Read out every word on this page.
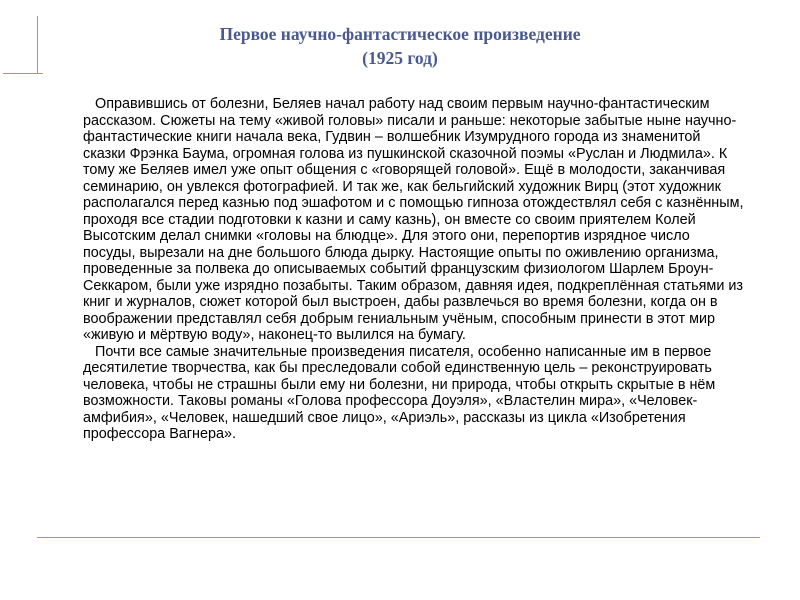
Первое научно-фантастическое произведение
(1925 год)

Оправившись от болезни, Беляев начал работу над своим первым научно-фантастическим рассказом. Сюжеты на тему «живой головы» писали и раньше: некоторые забытые ныне научно-фантастические книги начала века, Гудвин – волшебник Изумрудного города из знаменитой сказки Фрэнка Баума, огромная голова из пушкинской сказочной поэмы «Руслан и Людмила». К тому же Беляев имел уже опыт общения с «говорящей головой». Ещё в молодости, заканчивая семинарию, он увлекся фотографией. И так же, как бельгийский художник Вирц (этот художник располагался перед казнью под эшафотом и с помощью гипноза отождествлял себя с казнённым, проходя все стадии подготовки к казни и саму казнь), он вместе со своим приятелем Колей Высотским делал снимки «головы на блюдце». Для этого они, перепортив изрядное число посуды, вырезали на дне большого блюда дырку. Настоящие опыты по оживлению организма, проведенные за полвека до описываемых событий французским физиологом Шарлем Броун-Секкаром, были уже изрядно позабыты. Таким образом, давняя идея, подкреплённая статьями из книг и журналов, сюжет которой был выстроен, дабы развлечься во время болезни, когда он в воображении представлял себя добрым гениальным учёным, способным принести в этот мир «живую и мёртвую воду», наконец-то вылился на бумагу.

Почти все самые значительные произведения писателя, особенно написанные им в первое десятилетие творчества, как бы преследовали собой единственную цель – реконструировать человека, чтобы не страшны были ему ни болезни, ни природа, чтобы открыть скрытые в нём возможности. Таковы романы «Голова профессора Доуэля», «Властелин мира», «Человек-амфибия», «Человек, нашедший свое лицо», «Ариэль», рассказы из цикла «Изобретения профессора Вагнера».
